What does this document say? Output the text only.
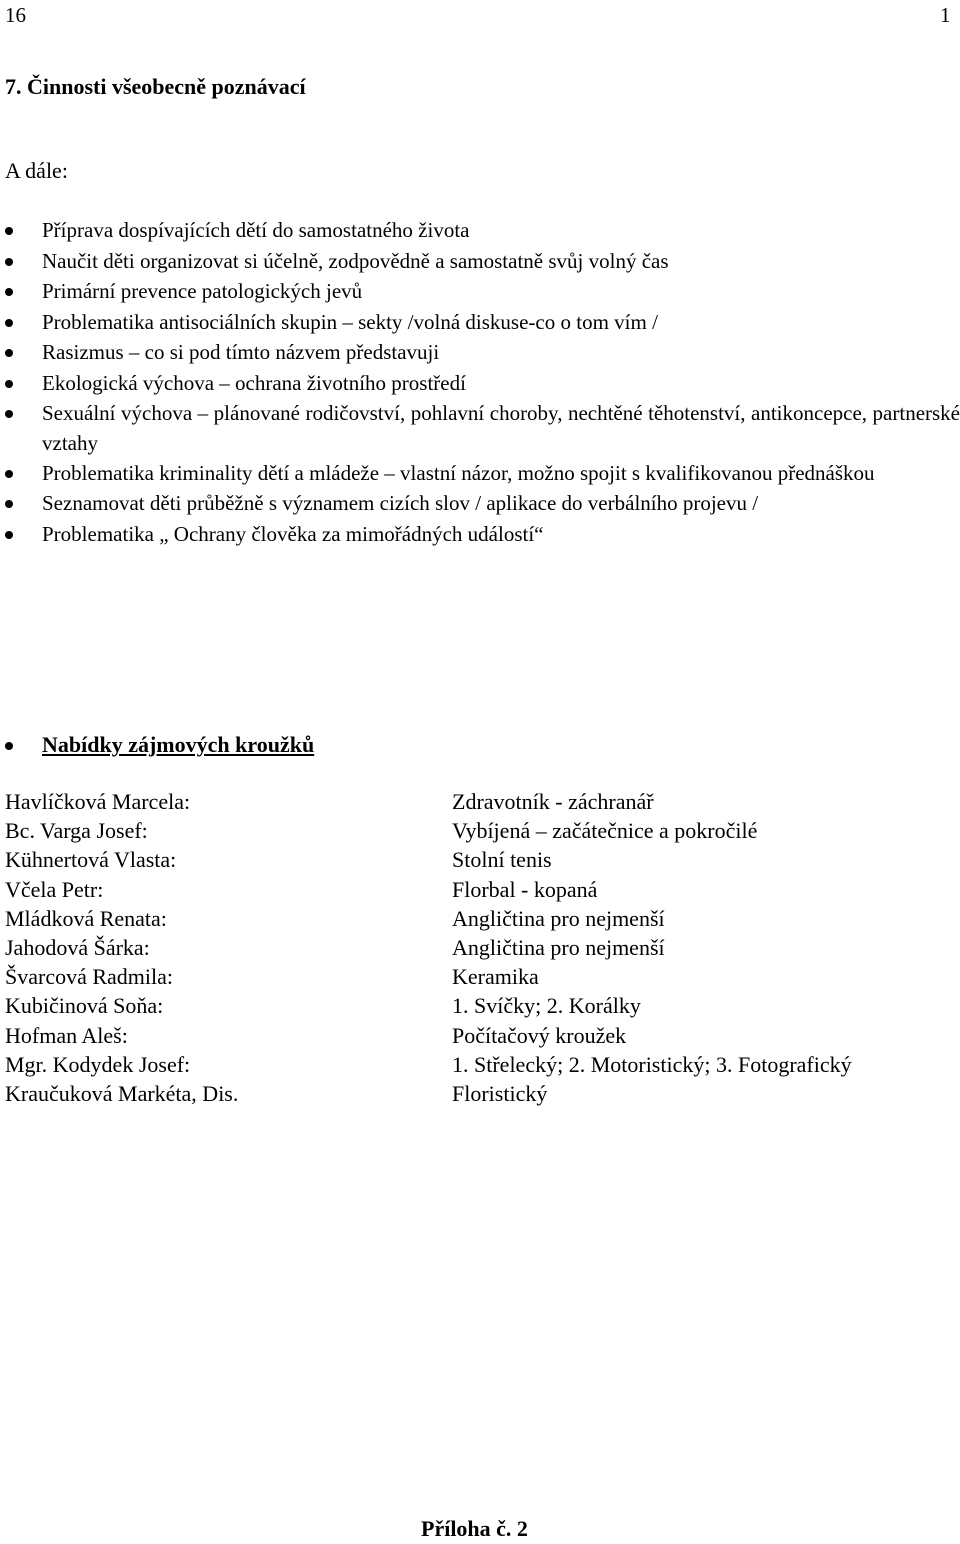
16	1
7. Činnosti všeobecně poznávací
A dále:
Příprava dospívajících dětí do samostatného života
Naučit děti organizovat si účelně, zodpovědně a samostatně svůj volný čas
Primární prevence patologických jevů
Problematika antisociálních skupin – sekty /volná diskuse-co o tom vím /
Rasizmus – co si pod tímto názvem představuji
Ekologická výchova – ochrana životního prostředí
Sexuální výchova – plánované rodičovství, pohlavní choroby, nechtěné těhotenství, antikoncepce, partnerské vztahy
Problematika kriminality dětí a mládeže – vlastní názor, možno spojit s kvalifikovanou přednáškou
Seznamovat děti průběžně s významem cizích slov / aplikace do verbálního projevu /
Problematika „ Ochrany člověka za mimořádných událostí“
Nabídky zájmových kroužků
Havlíčková Marcela:	Zdravotník - záchranář
Bc. Varga Josef:	Vybíjená – začátečnice a pokročilé
Kühnertová Vlasta:	Stolní tenis
Včela Petr:	Florbal - kopaná
Mládková Renata:	Angličtina pro nejmenší
Jahodová Šárka:	Angličtina pro nejmenší
Švarcová Radmila:	Keramika
Kubičinová Soňa:	1. Svíčky; 2. Korálky
Hofman Aleš:	Počítačový kroužek
Mgr. Kodydek Josef:	1. Střelecký; 2. Motoristický; 3. Fotografický
Kraučuková Markéta, Dis.	Floristický
Příloha č. 2
